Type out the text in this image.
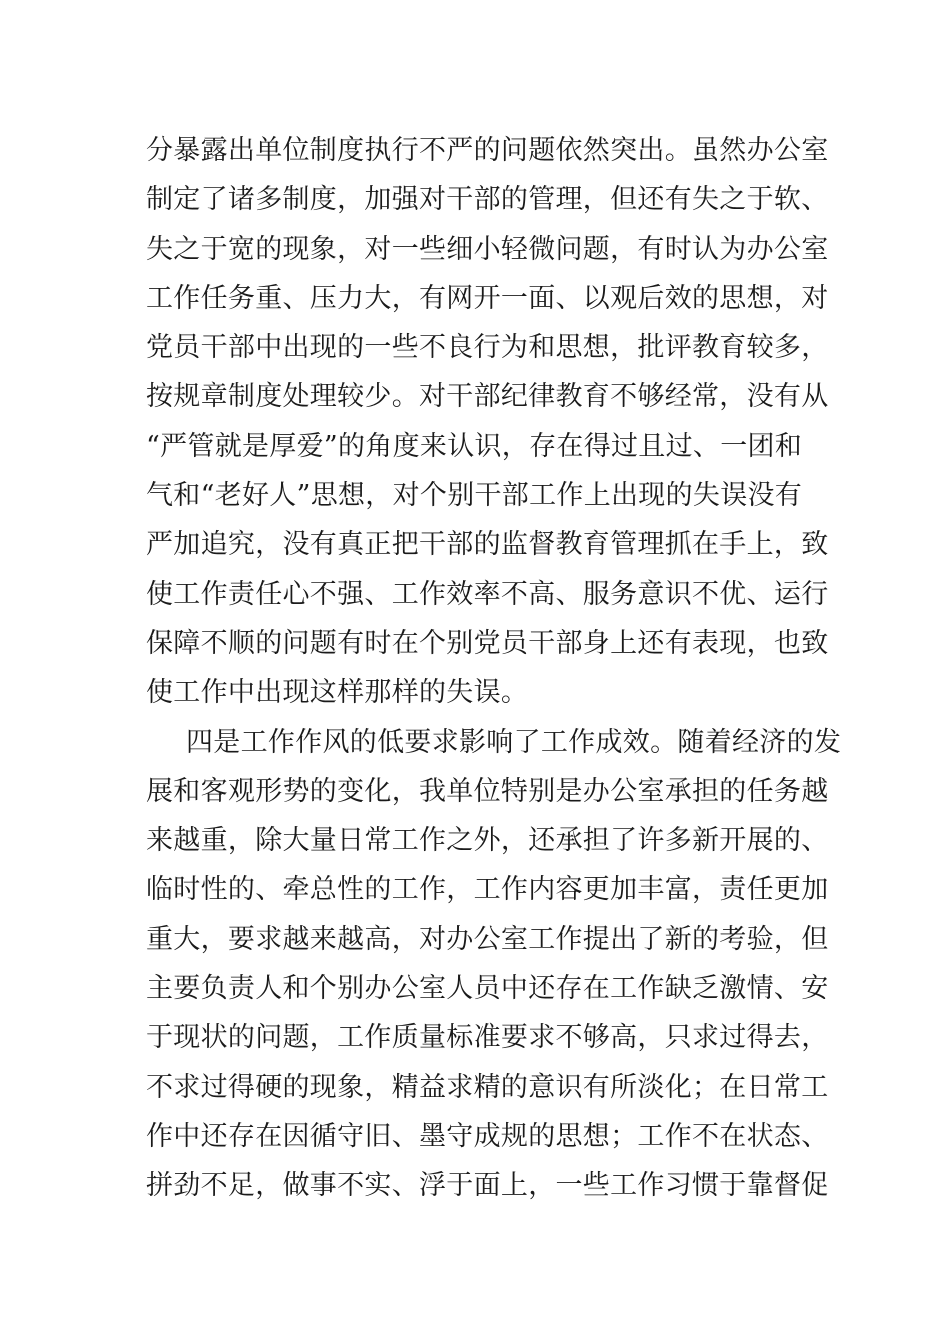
分暴露出单位制度执行不严的问题依然突出。虽然办公室
制定了诸多制度，加强对干部的管理，但还有失之于软、
失之于宽的现象，对一些细小轻微问题，有时认为办公室
工作任务重、压力大，有网开一面、以观后效的思想，对
党员干部中出现的一些不良行为和思想，批评教育较多，
按规章制度处理较少。对干部纪律教育不够经常，没有从
“严管就是厚爱”的角度来认识，存在得过且过、一团和
气和“老好人”思想，对个别干部工作上出现的失误没有
严加追究，没有真正把干部的监督教育管理抓在手上，致
使工作责任心不强、工作效率不高、服务意识不优、运行
保障不顺的问题有时在个别党员干部身上还有表现，也致
使工作中出现这样那样的失误。
四是工作作风的低要求影响了工作成效。随着经济的发
展和客观形势的变化，我单位特别是办公室承担的任务越
来越重，除大量日常工作之外，还承担了许多新开展的、
临时性的、牵总性的工作，工作内容更加丰富，责任更加
重大，要求越来越高，对办公室工作提出了新的考验，但
主要负责人和个别办公室人员中还存在工作缺乏激情、安
于现状的问题，工作质量标准要求不够高，只求过得去，
不求过得硬的现象，精益求精的意识有所淡化；在日常工
作中还存在因循守旧、墨守成规的思想；工作不在状态、
拼劲不足，做事不实、浮于面上，一些工作习惯于靠督促
